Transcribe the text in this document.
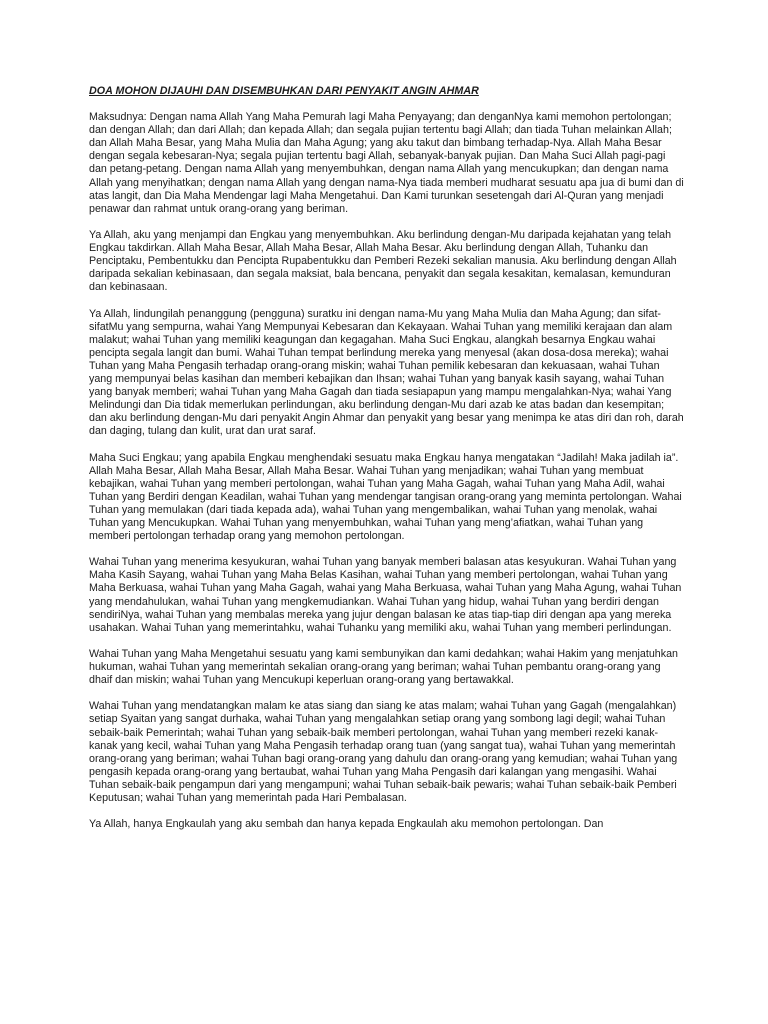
DOA MOHON DIJAUHI DAN DISEMBUHKAN DARI PENYAKIT ANGIN AHMAR

Maksudnya: Dengan nama Allah Yang Maha Pemurah lagi Maha Penyayang; dan denganNya kami memohon pertolongan; dan dengan Allah; dan dari Allah; dan kepada Allah; dan segala pujian tertentu bagi Allah; dan tiada Tuhan melainkan Allah; dan Allah Maha Besar, yang Maha Mulia dan Maha Agung; yang aku takut dan bimbang terhadap-Nya. Allah Maha Besar dengan segala kebesaran-Nya; segala pujian tertentu bagi Allah, sebanyak-banyak pujian. Dan Maha Suci Allah pagi-pagi dan petang-petang. Dengan nama Allah yang menyembuhkan, dengan nama Allah yang mencukupkan; dan dengan nama Allah yang menyihatkan; dengan nama Allah yang dengan nama-Nya tiada memberi mudharat sesuatu apa jua di bumi dan di atas langit, dan Dia Maha Mendengar lagi Maha Mengetahui. Dan Kami turunkan sesetengah dari Al-Quran yang menjadi penawar dan rahmat untuk orang-orang yang beriman.

Ya Allah, aku yang menjampi dan Engkau yang menyembuhkan. Aku berlindung dengan-Mu daripada kejahatan yang telah Engkau takdirkan. Allah Maha Besar, Allah Maha Besar, Allah Maha Besar. Aku berlindung dengan Allah, Tuhanku dan Penciptaku, Pembentukku dan Pencipta Rupabentukku dan Pemberi Rezeki sekalian manusia. Aku berlindung dengan Allah daripada sekalian kebinasaan, dan segala maksiat, bala bencana, penyakit dan segala kesakitan, kemalasan, kemunduran dan kebinasaan.

Ya Allah, lindungilah penanggung (pengguna) suratku ini dengan nama-Mu yang Maha Mulia dan Maha Agung; dan sifat-sifatMu yang sempurna, wahai Yang Mempunyai Kebesaran dan Kekayaan. Wahai Tuhan yang memiliki kerajaan dan alam malakut; wahai Tuhan yang memiliki keagungan dan kegagahan. Maha Suci Engkau, alangkah besarnya Engkau wahai pencipta segala langit dan bumi. Wahai Tuhan tempat berlindung mereka yang menyesal (akan dosa-dosa mereka); wahai Tuhan yang Maha Pengasih terhadap orang-orang miskin; wahai Tuhan pemilik kebesaran dan kekuasaan, wahai Tuhan yang mempunyai belas kasihan dan memberi kebajikan dan Ihsan; wahai Tuhan yang banyak kasih sayang, wahai Tuhan yang banyak memberi; wahai Tuhan yang Maha Gagah dan tiada sesiapapun yang mampu mengalahkan-Nya; wahai Yang Melindungi dan Dia tidak memerlukan perlindungan, aku berlindung dengan-Mu dari azab ke atas badan dan kesempitan; dan aku berlindung dengan-Mu dari penyakit Angin Ahmar dan penyakit yang besar yang menimpa ke atas diri dan roh, darah dan daging, tulang dan kulit, urat dan urat saraf.

Maha Suci Engkau; yang apabila Engkau menghendaki sesuatu maka Engkau hanya mengatakan “Jadilah! Maka jadilah ia”. Allah Maha Besar, Allah Maha Besar, Allah Maha Besar. Wahai Tuhan yang menjadikan; wahai Tuhan yang membuat kebajikan, wahai Tuhan yang memberi pertolongan, wahai Tuhan yang Maha Gagah, wahai Tuhan yang Maha Adil, wahai Tuhan yang Berdiri dengan Keadilan, wahai Tuhan yang mendengar tangisan orang-orang yang meminta pertolongan. Wahai Tuhan yang memulakan (dari tiada kepada ada), wahai Tuhan yang mengembalikan, wahai Tuhan yang menolak, wahai Tuhan yang Mencukupkan. Wahai Tuhan yang menyembuhkan, wahai Tuhan yang meng’afiatkan, wahai Tuhan yang memberi pertolongan terhadap orang yang memohon pertolongan.

Wahai Tuhan yang menerima kesyukuran, wahai Tuhan yang banyak memberi balasan atas kesyukuran. Wahai Tuhan yang Maha Kasih Sayang, wahai Tuhan yang Maha Belas Kasihan, wahai Tuhan yang memberi pertolongan, wahai Tuhan yang Maha Berkuasa, wahai Tuhan yang Maha Gagah, wahai yang Maha Berkuasa, wahai Tuhan yang Maha Agung, wahai Tuhan yang mendahulukan, wahai Tuhan yang mengkemudiankan. Wahai Tuhan yang hidup, wahai Tuhan yang berdiri dengan sendiriNya, wahai Tuhan yang membalas mereka yang jujur dengan balasan ke atas tiap-tiap diri dengan apa yang mereka usahakan. Wahai Tuhan yang memerintahku, wahai Tuhanku yang memiliki aku, wahai Tuhan yang memberi perlindungan.

Wahai Tuhan yang Maha Mengetahui sesuatu yang kami sembunyikan dan kami dedahkan; wahai Hakim yang menjatuhkan hukuman, wahai Tuhan yang memerintah sekalian orang-orang yang beriman; wahai Tuhan pembantu orang-orang yang dhaif dan miskin; wahai Tuhan yang Mencukupi keperluan orang-orang yang bertawakkal.

Wahai Tuhan yang mendatangkan malam ke atas siang dan siang ke atas malam; wahai Tuhan yang Gagah (mengalahkan) setiap Syaitan yang sangat durhaka, wahai Tuhan yang mengalahkan setiap orang yang sombong lagi degil; wahai Tuhan sebaik-baik Pemerintah; wahai Tuhan yang sebaik-baik memberi pertolongan, wahai Tuhan yang memberi rezeki kanak-kanak yang kecil, wahai Tuhan yang Maha Pengasih terhadap orang tuan (yang sangat tua), wahai Tuhan yang memerintah orang-orang yang beriman; wahai Tuhan bagi orang-orang yang dahulu dan orang-orang yang kemudian; wahai Tuhan yang pengasih kepada orang-orang yang bertaubat, wahai Tuhan yang Maha Pengasih dari kalangan yang mengasihi. Wahai Tuhan sebaik-baik pengampun dari yang mengampuni; wahai Tuhan sebaik-baik pewaris; wahai Tuhan sebaik-baik Pemberi Keputusan; wahai Tuhan yang memerintah pada Hari Pembalasan.

Ya Allah, hanya Engkaulah yang aku sembah dan hanya kepada Engkaulah aku memohon pertolongan. Dan
